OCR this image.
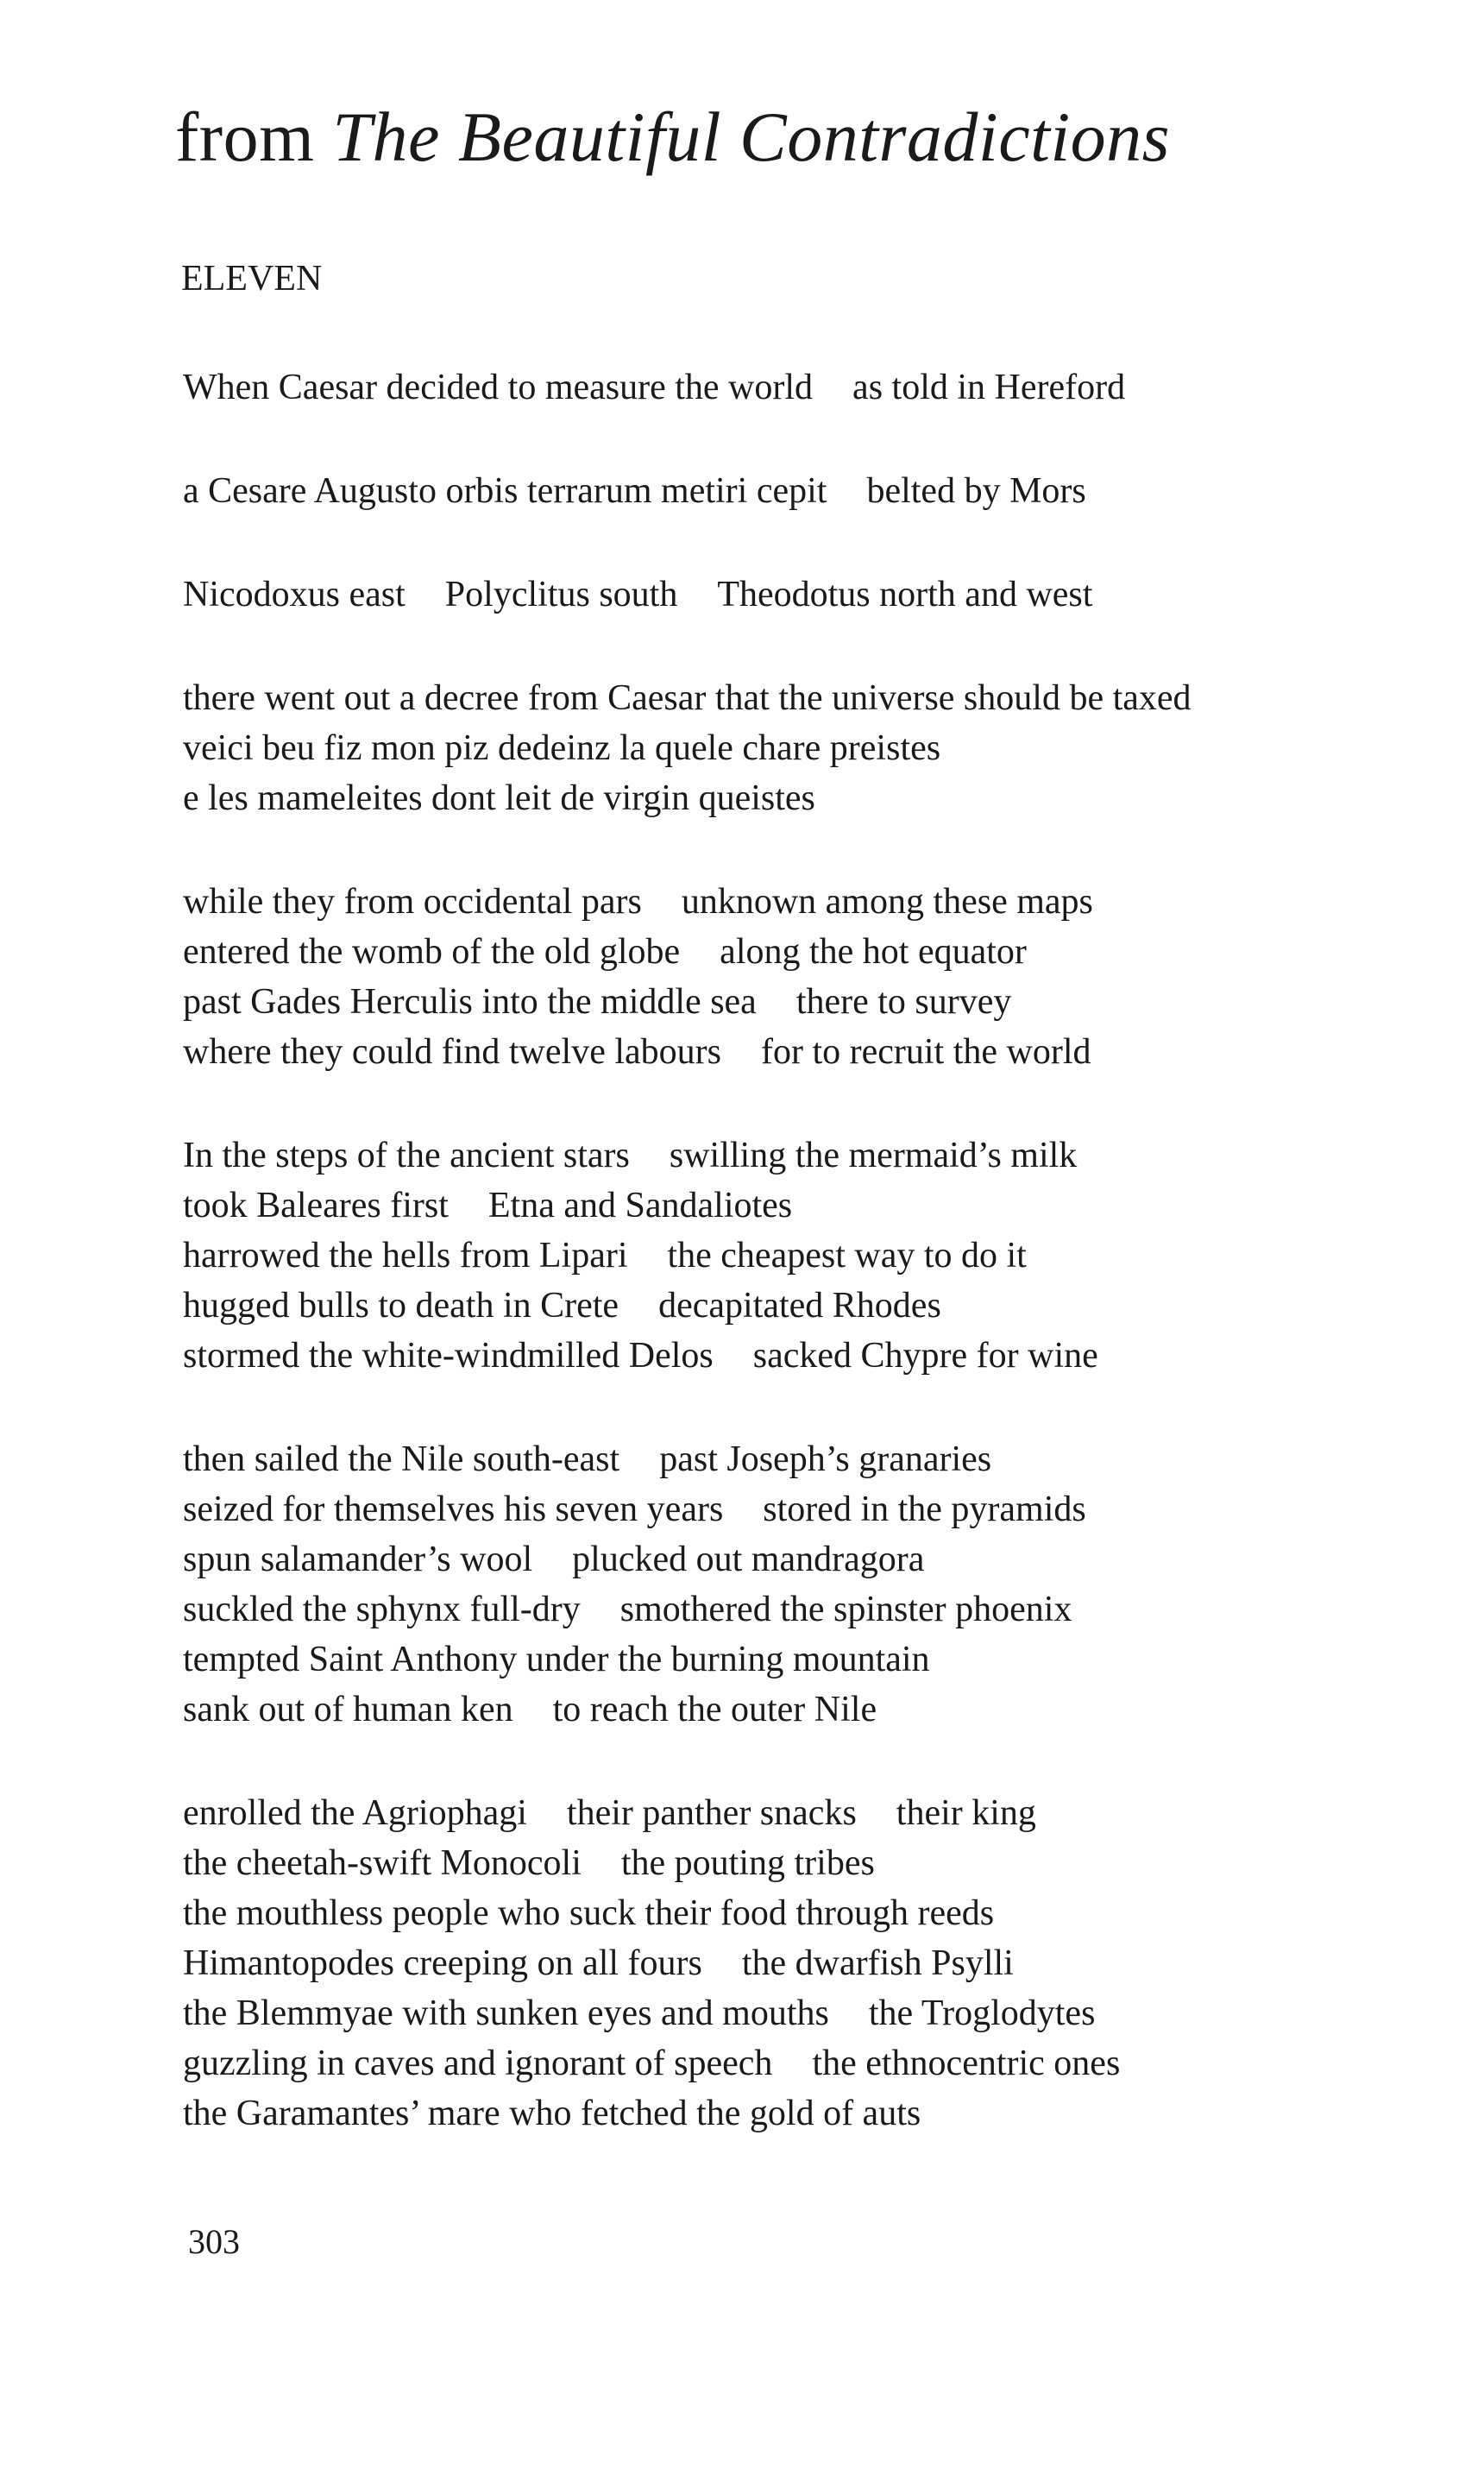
from The Beautiful Contradictions
ELEVEN
When Caesar decided to measure the world as told in Hereford
a Cesare Augusto orbis terrarum metiri cepit belted by Mors
Nicodoxus east Polyclitus south Theodotus north and west
there went out a decree from Caesar that the universe should be taxed
veici beu fiz mon piz dedeinz la quele chare preistes
e les mameleites dont leit de virgin queistes
while they from occidental pars unknown among these maps
entered the womb of the old globe along the hot equator
past Gades Herculis into the middle sea there to survey
where they could find twelve labours for to recruit the world
In the steps of the ancient stars swilling the mermaid’s milk
took Baleares first Etna and Sandaliotes
harrowed the hells from Lipari the cheapest way to do it
hugged bulls to death in Crete decapitated Rhodes
stormed the white-windmilled Delos sacked Chypre for wine
then sailed the Nile south-east past Joseph’s granaries
seized for themselves his seven years stored in the pyramids
spun salamander’s wool plucked out mandragora
suckled the sphynx full-dry smothered the spinster phoenix
tempted Saint Anthony under the burning mountain
sank out of human ken to reach the outer Nile
enrolled the Agriophagi their panther snacks their king
the cheetah-swift Monocoli the pouting tribes
the mouthless people who suck their food through reeds
Himantopodes creeping on all fours the dwarfish Psylli
the Blemmyae with sunken eyes and mouths the Troglodytes
guzzling in caves and ignorant of speech the ethnocentric ones
the Garamantes’ mare who fetched the gold of auts
303
